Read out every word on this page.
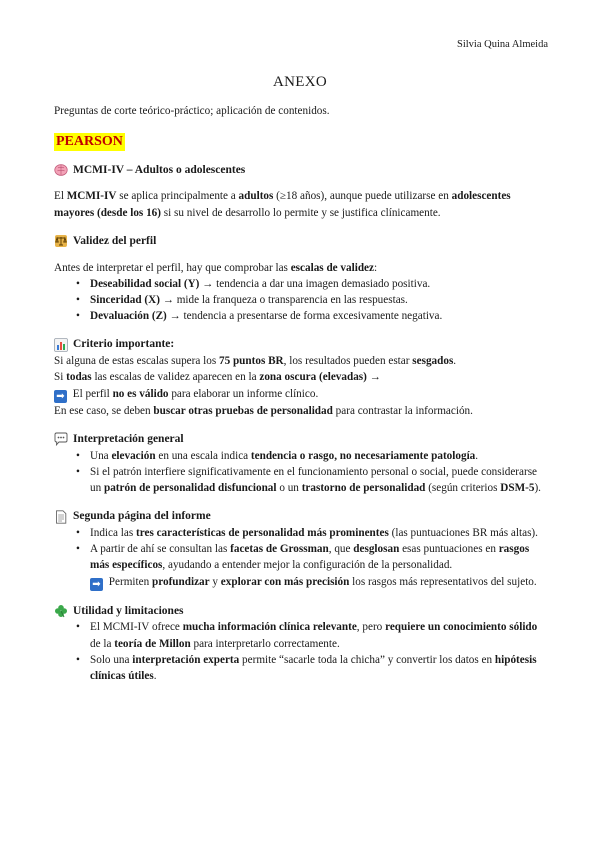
Silvia Quina Almeida
ANEXO

Preguntas de corte teórico-práctico; aplicación de contenidos.

PEARSON
MCMI-IV – Adultos o adolescentes

El MCMI-IV se aplica principalmente a adultos (≥18 años), aunque puede utilizarse en adolescentes mayores (desde los 16) si su nivel de desarrollo lo permite y se justifica clínicamente.

Validez del perfil

Antes de interpretar el perfil, hay que comprobar las escalas de validez:

• Deseabilidad social (Y) → tendencia a dar una imagen demasiado positiva.
• Sinceridad (X) → mide la franqueza o transparencia en las respuestas.
• Devaluación (Z) → tendencia a presentarse de forma excesivamente negativa.
Criterio importante:

Si alguna de estas escalas supera los 75 puntos BR, los resultados pueden estar sesgados.

Si todas las escalas de validez aparecen en la zona oscura (elevadas) →

➡ El perfil no es válido para elaborar un informe clínico.

En ese caso, se deben buscar otras pruebas de personalidad para contrastar la información.

Interpretación general
• Una elevación en una escala indica tendencia o rasgo, no necesariamente patología.
• Si el patrón interfiere significativamente en el funcionamiento personal o social, puede considerarse un patrón de personalidad disfuncional o un trastorno de personalidad (según criterios DSM-5).
Segunda página del informe
• Indica las tres características de personalidad más prominentes (las puntuaciones BR más altas).
• A partir de ahí se consultan las facetas de Grossman, que desglosan esas puntuaciones en rasgos más específicos, ayudando a entender mejor la configuración de la personalidad.
➡ Permiten profundizar y explorar con más precisión los rasgos más representativos del sujeto.
Utilidad y limitaciones
• El MCMI-IV ofrece mucha información clínica relevante, pero requiere un conocimiento sólido de la teoría de Millon para interpretarlo correctamente.
• Solo una interpretación experta permite “sacarle toda la chicha” y convertir los datos en hipótesis clínicas útiles.
